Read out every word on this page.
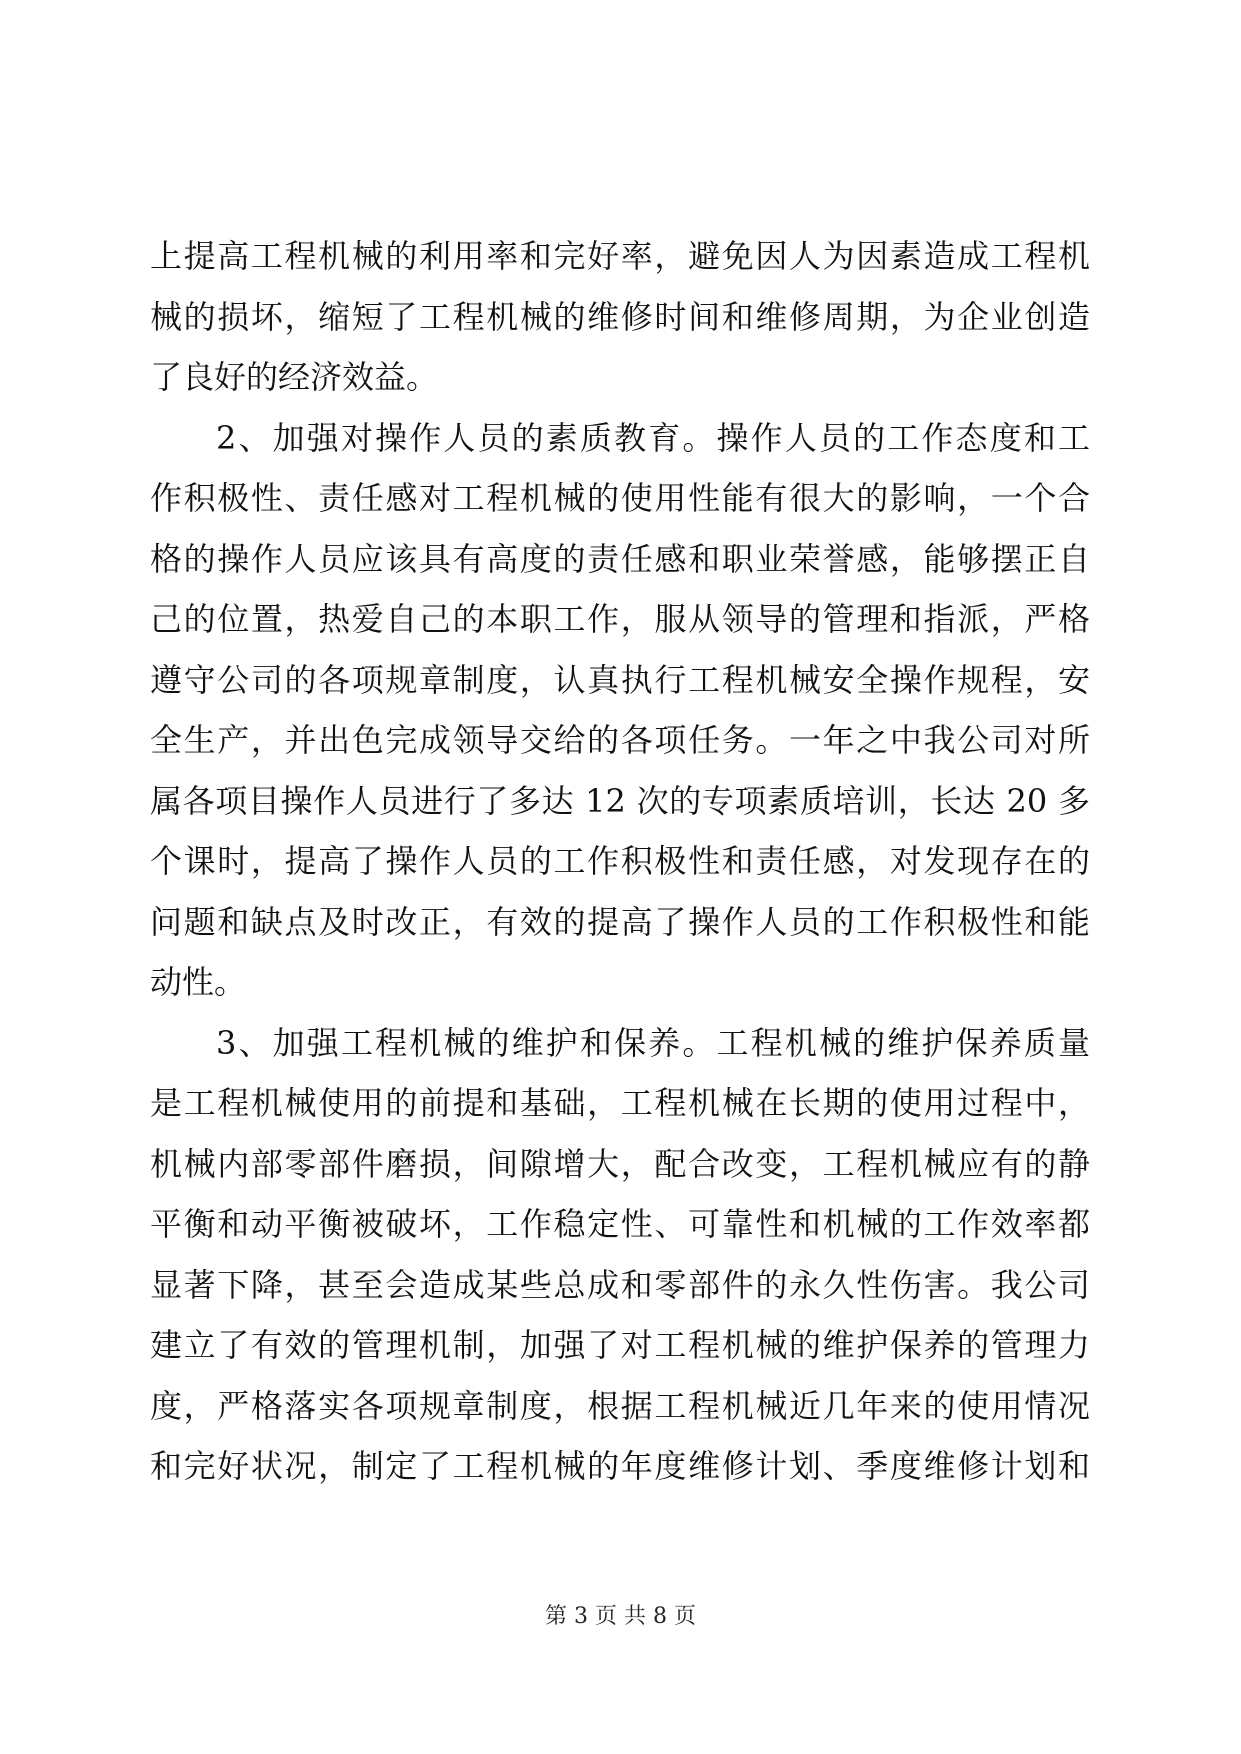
上提高工程机械的利用率和完好率，避免因人为因素造成工程机
械的损坏，缩短了工程机械的维修时间和维修周期，为企业创造
了良好的经济效益。
2、加强对操作人员的素质教育。操作人员的工作态度和工
作积极性、责任感对工程机械的使用性能有很大的影响，一个合
格的操作人员应该具有高度的责任感和职业荣誉感，能够摆正自
己的位置，热爱自己的本职工作，服从领导的管理和指派，严格
遵守公司的各项规章制度，认真执行工程机械安全操作规程，安
全生产，并出色完成领导交给的各项任务。一年之中我公司对所
属各项目操作人员进行了多达 12 次的专项素质培训，长达 20 多
个课时，提高了操作人员的工作积极性和责任感，对发现存在的
问题和缺点及时改正，有效的提高了操作人员的工作积极性和能
动性。
3、加强工程机械的维护和保养。工程机械的维护保养质量
是工程机械使用的前提和基础，工程机械在长期的使用过程中，
机械内部零部件磨损，间隙增大，配合改变，工程机械应有的静
平衡和动平衡被破坏，工作稳定性、可靠性和机械的工作效率都
显著下降，甚至会造成某些总成和零部件的永久性伤害。我公司
建立了有效的管理机制，加强了对工程机械的维护保养的管理力
度，严格落实各项规章制度，根据工程机械近几年来的使用情况
和完好状况，制定了工程机械的年度维修计划、季度维修计划和
第 3 页 共 8 页
